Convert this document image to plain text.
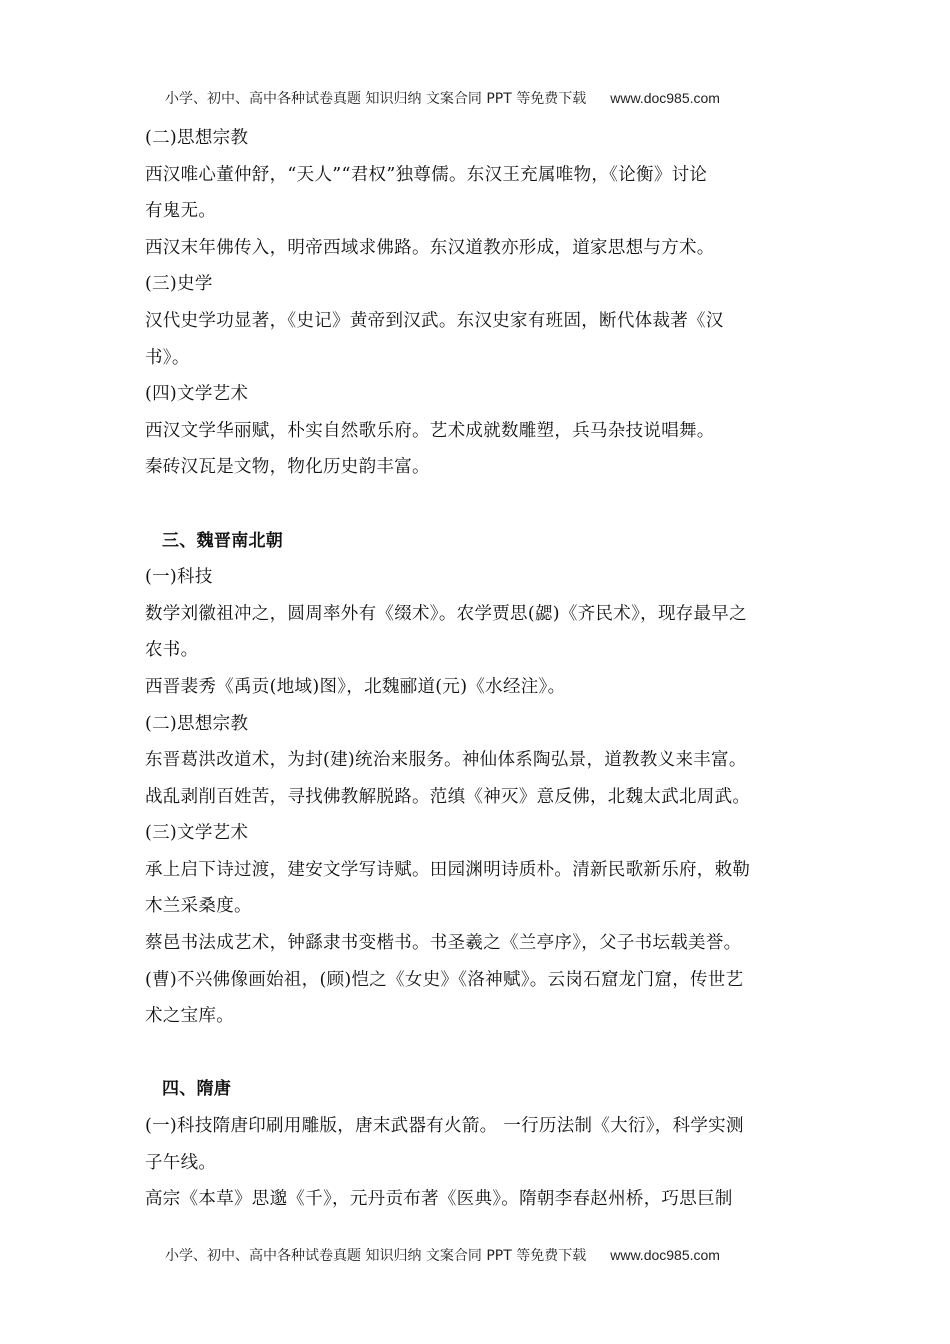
小学、初中、高中各种试卷真题 知识归纳 文案合同 PPT 等免费下载 www.doc985.com
(二)思想宗教
西汉唯心董仲舒，“天人”“君权”独尊儒。东汉王充属唯物，《论衡》讨论
有鬼无。
西汉末年佛传入，明帝西域求佛路。东汉道教亦形成，道家思想与方术。
(三)史学
汉代史学功显著，《史记》黄帝到汉武。东汉史家有班固，断代体裁著《汉
书》。
(四)文学艺术
西汉文学华丽赋，朴实自然歌乐府。艺术成就数雕塑，兵马杂技说唱舞。
秦砖汉瓦是文物，物化历史韵丰富。
三、魏晋南北朝
(一)科技
数学刘徽祖冲之，圆周率外有《缀术》。农学贾思(勰)《齐民术》，现存最早之
农书。
西晋裴秀《禹贡(地域)图》，北魏郦道(元)《水经注》。
(二)思想宗教
东晋葛洪改道术，为封(建)统治来服务。神仙体系陶弘景，道教教义来丰富。
战乱剥削百姓苦，寻找佛教解脱路。范缜《神灭》意反佛，北魏太武北周武。
(三)文学艺术
承上启下诗过渡，建安文学写诗赋。田园渊明诗质朴。清新民歌新乐府，敕勒
木兰采桑度。
蔡邑书法成艺术，钟繇隶书变楷书。书圣羲之《兰亭序》，父子书坛载美誉。
(曹)不兴佛像画始祖，(顾)恺之《女史》《洛神赋》。云岗石窟龙门窟，传世艺
术之宝库。
四、隋唐
(一)科技隋唐印刷用雕版，唐末武器有火箭。 一行历法制《大衍》，科学实测
子午线。
高宗《本草》思邈《千》，元丹贡布著《医典》。隋朝李春赵州桥，巧思巨制
小学、初中、高中各种试卷真题 知识归纳 文案合同 PPT 等免费下载 www.doc985.com
